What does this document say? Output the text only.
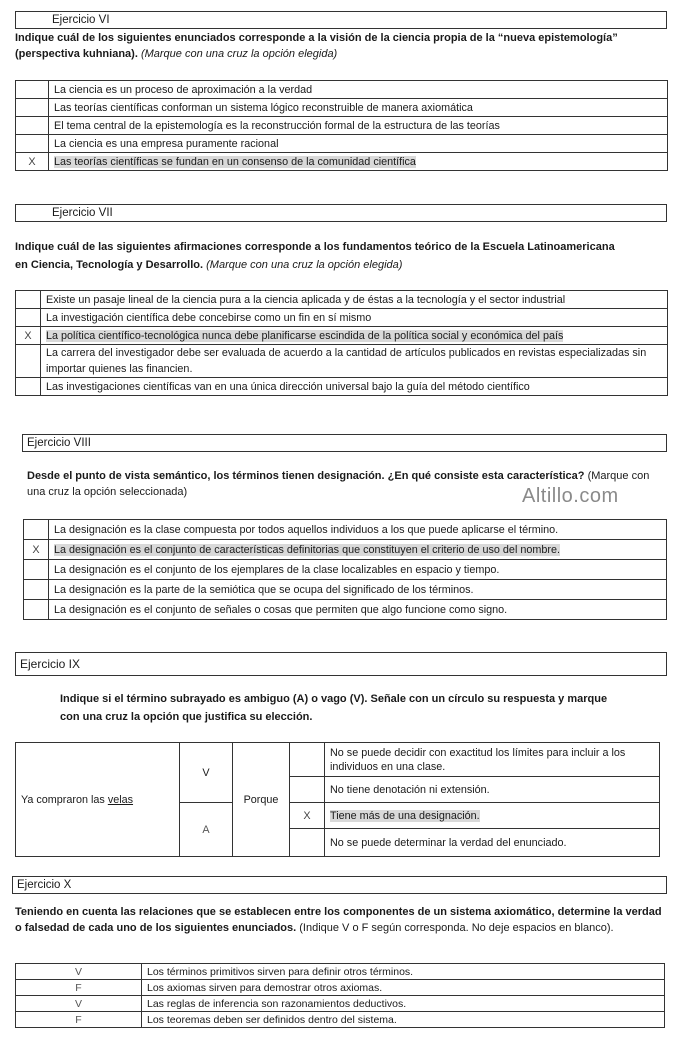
Ejercicio VI
Indique cuál de los siguientes enunciados corresponde a la visión de la ciencia propia de la “nueva epistemología” (perspectiva kuhniana). (Marque con una cruz la opción elegida)
	La ciencia es un proceso de aproximación a la verdad
	Las teorías científicas conforman un sistema lógico reconstruible de manera axiomática
	El tema central de la epistemología es la reconstrucción formal de la estructura de las teorías
	La ciencia es una empresa puramente racional
X	Las teorías científicas se fundan en un consenso de la comunidad científica
Ejercicio VII
Indique cuál de las siguientes afirmaciones corresponde a los fundamentos teórico de la Escuela Latinoamericana en Ciencia, Tecnología y Desarrollo. (Marque con una cruz la opción elegida)
	Existe un pasaje lineal de la ciencia pura a la ciencia aplicada y de éstas a la tecnología y el sector industrial
	La investigación científica debe concebirse como un fin en sí mismo
X	La política científico-tecnológica nunca debe planificarse escindida de la política social y económica del país
	La carrera del investigador debe ser evaluada de acuerdo a la cantidad de artículos publicados en revistas especializadas sin importar quienes las financien.
	Las investigaciones científicas van en una única dirección universal bajo la guía del método científico
Ejercicio VIII
Desde el punto de vista semántico, los términos tienen designación. ¿En qué consiste esta característica? (Marque con una cruz la opción seleccionada)	Altillo.com
	La designación es la clase compuesta por todos aquellos individuos a los que puede aplicarse el término.
X	La designación es el conjunto de características definitorias que constituyen el criterio de uso del nombre.
	La designación es el conjunto de los ejemplares de la clase localizables en espacio y tiempo.
	La designación es la parte de la semiótica que se ocupa del significado de los términos.
	La designación es el conjunto de señales o cosas que permiten que algo funcione como signo.
Ejercicio IX
Indique si el término subrayado es ambiguo (A) o vago (V). Señale con un círculo su respuesta y marque con una cruz la opción que justifica su elección.
Ya compraron las velas	V	Porque		No se puede decidir con exactitud los límites para incluir a los individuos en una clase.
				No tiene denotación ni extensión.
	A		X	Tiene más de una designación.
				No se puede determinar la verdad del enunciado.
Ejercicio X
Teniendo en cuenta las relaciones que se establecen entre los componentes de un sistema axiomático, determine la verdad o falsedad de cada uno de los siguientes enunciados. (Indique V o F según corresponda. No deje espacios en blanco).
V	Los términos primitivos sirven para definir otros términos.
F	Los axiomas sirven para demostrar otros axiomas.
V	Las reglas de inferencia son razonamientos deductivos.
F	Los teoremas deben ser definidos dentro del sistema.
